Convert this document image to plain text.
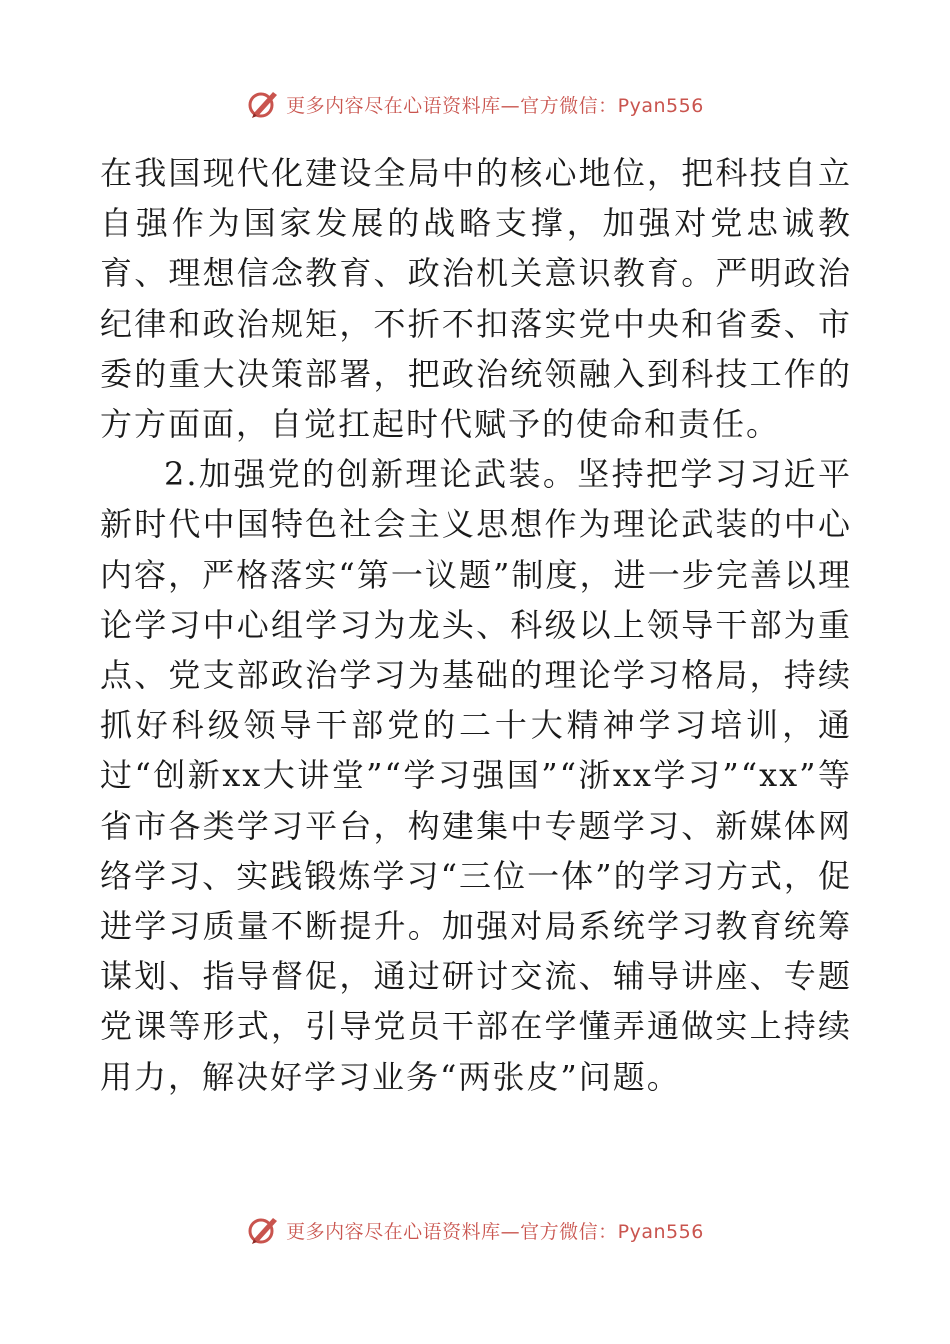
更多内容尽在心语资料库—官方微信：Pyan556

在我国现代化建设全局中的核心地位，把科技自立自强作为国家发展的战略支撑，加强对党忠诚教育、理想信念教育、政治机关意识教育。严明政治纪律和政治规矩，不折不扣落实党中央和省委、市委的重大决策部署，把政治统领融入到科技工作的方方面面，自觉扛起时代赋予的使命和责任。

2.加强党的创新理论武装。坚持把学习习近平新时代中国特色社会主义思想作为理论武装的中心内容，严格落实“第一议题”制度，进一步完善以理论学习中心组学习为龙头、科级以上领导干部为重点、党支部政治学习为基础的理论学习格局，持续抓好科级领导干部党的二十大精神学习培训，通过“创新xx大讲堂”“学习强国”“浙xx学习”“xx”等省市各类学习平台，构建集中专题学习、新媒体网络学习、实践锻炼学习“三位一体”的学习方式，促进学习质量不断提升。加强对局系统学习教育统筹谋划、指导督促，通过研讨交流、辅导讲座、专题党课等形式，引导党员干部在学懂弄通做实上持续用力，解决好学习业务“两张皮”问题。

更多内容尽在心语资料库—官方微信：Pyan556
